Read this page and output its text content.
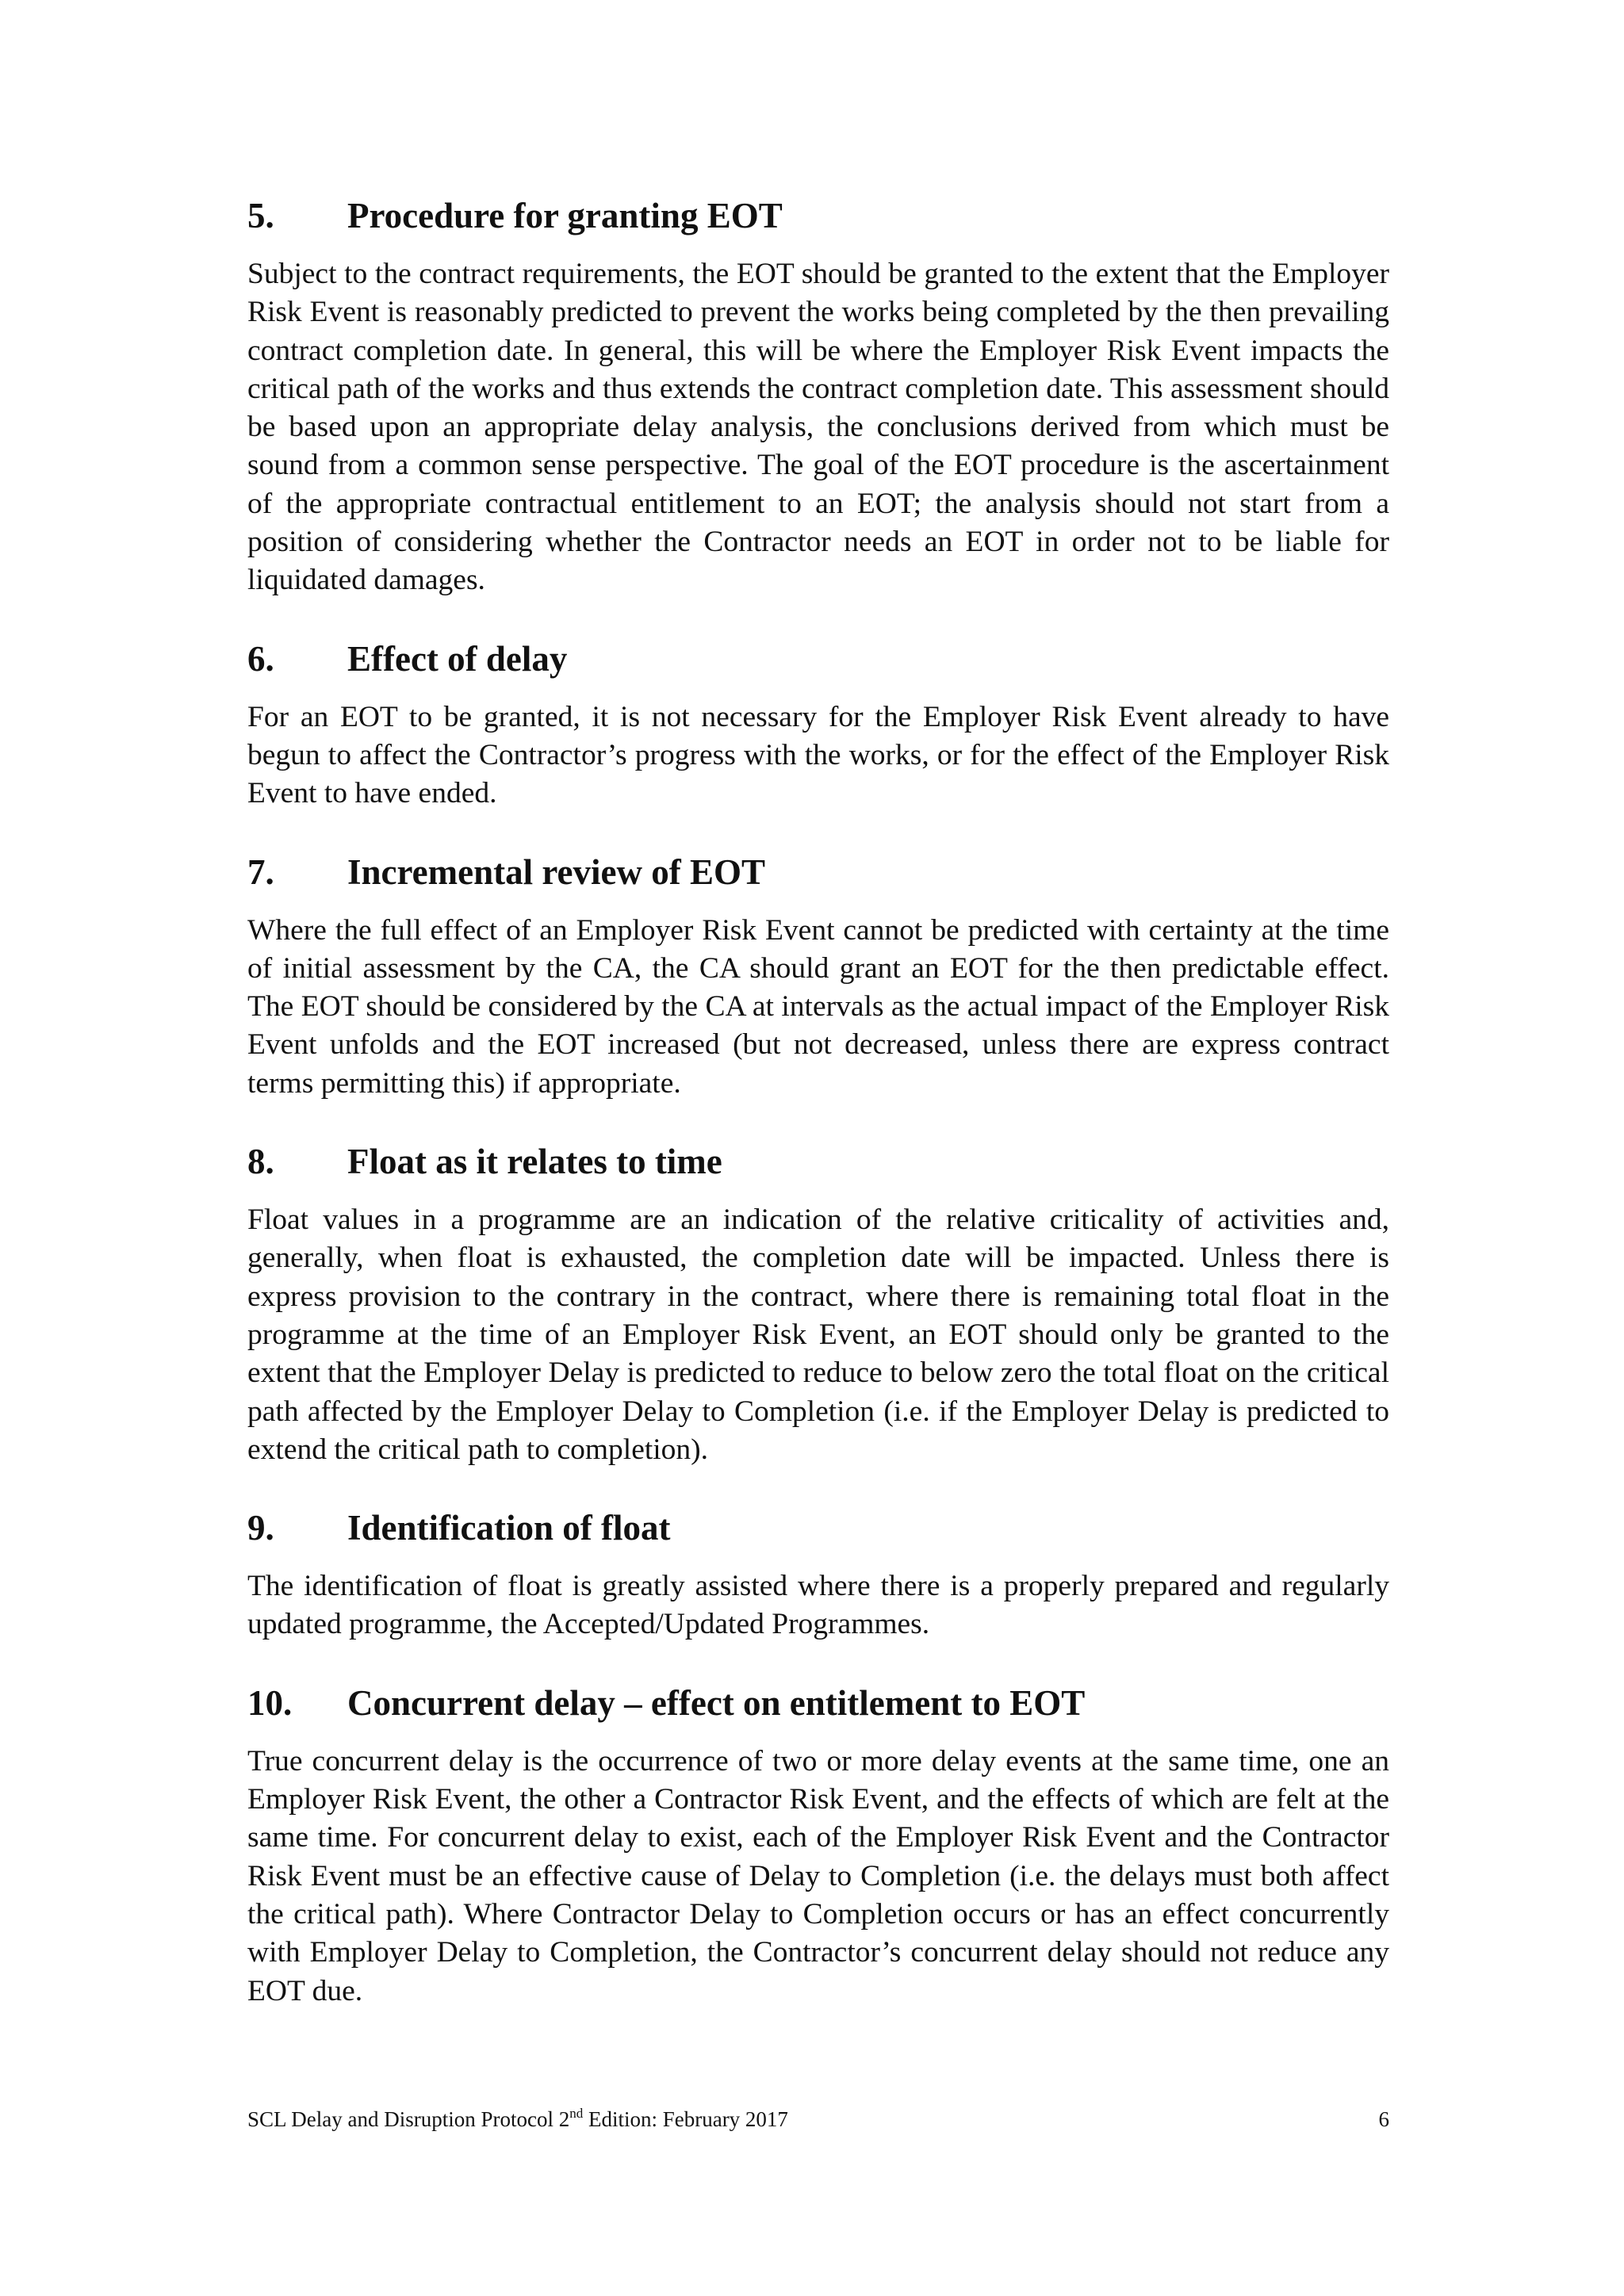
5.	Procedure for granting EOT

Subject to the contract requirements, the EOT should be granted to the extent that the Employer Risk Event is reasonably predicted to prevent the works being completed by the then prevailing contract completion date. In general, this will be where the Employer Risk Event impacts the critical path of the works and thus extends the contract completion date. This assessment should be based upon an appropriate delay analysis, the conclusions derived from which must be sound from a common sense perspective. The goal of the EOT procedure is the ascertainment of the appropriate contractual entitlement to an EOT; the analysis should not start from a position of considering whether the Contractor needs an EOT in order not to be liable for liquidated damages.

6.	Effect of delay

For an EOT to be granted, it is not necessary for the Employer Risk Event already to have begun to affect the Contractor’s progress with the works, or for the effect of the Employer Risk Event to have ended.

7.	Incremental review of EOT

Where the full effect of an Employer Risk Event cannot be predicted with certainty at the time of initial assessment by the CA, the CA should grant an EOT for the then predictable effect. The EOT should be considered by the CA at intervals as the actual impact of the Employer Risk Event unfolds and the EOT increased (but not decreased, unless there are express contract terms permitting this) if appropriate.

8.	Float as it relates to time

Float values in a programme are an indication of the relative criticality of activities and, generally, when float is exhausted, the completion date will be impacted. Unless there is express provision to the contrary in the contract, where there is remaining total float in the programme at the time of an Employer Risk Event, an EOT should only be granted to the extent that the Employer Delay is predicted to reduce to below zero the total float on the critical path affected by the Employer Delay to Completion (i.e. if the Employer Delay is predicted to extend the critical path to completion).

9.	Identification of float

The identification of float is greatly assisted where there is a properly prepared and regularly updated programme, the Accepted/Updated Programmes.

10.	Concurrent delay – effect on entitlement to EOT

True concurrent delay is the occurrence of two or more delay events at the same time, one an Employer Risk Event, the other a Contractor Risk Event, and the effects of which are felt at the same time. For concurrent delay to exist, each of the Employer Risk Event and the Contractor Risk Event must be an effective cause of Delay to Completion (i.e. the delays must both affect the critical path). Where Contractor Delay to Completion occurs or has an effect concurrently with Employer Delay to Completion, the Contractor’s concurrent delay should not reduce any EOT due.

SCL Delay and Disruption Protocol 2nd Edition: February 2017	6
